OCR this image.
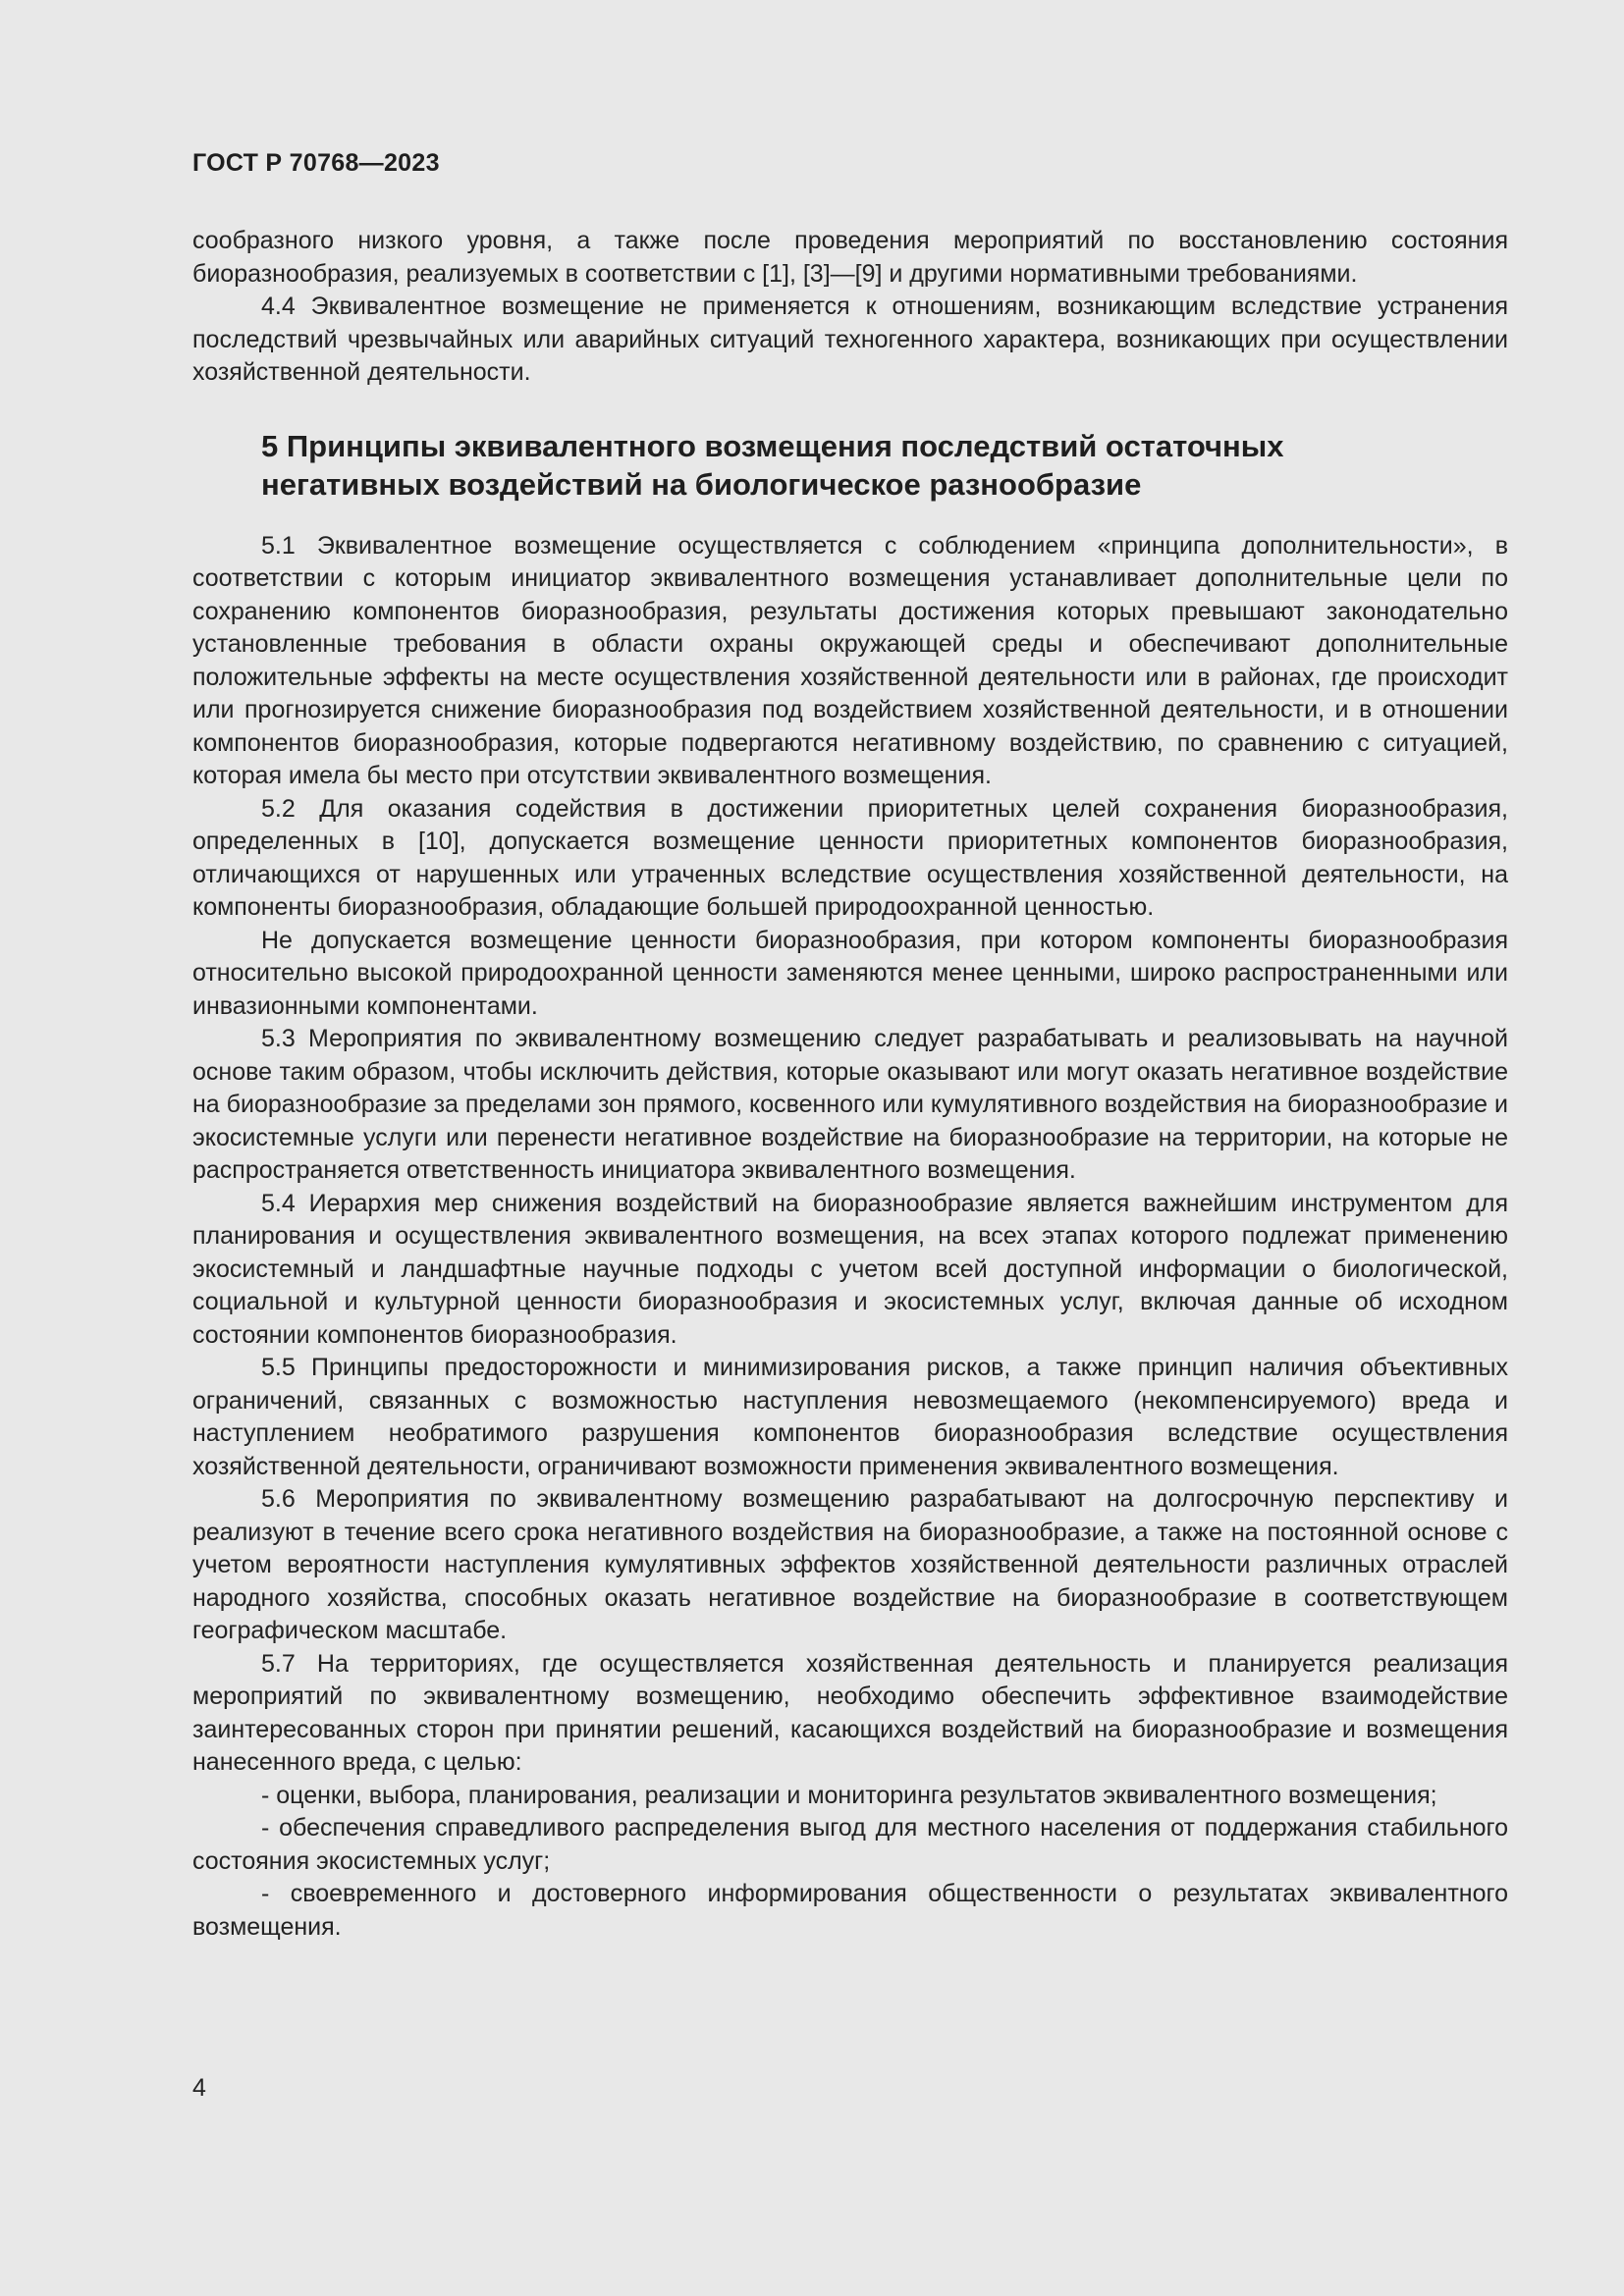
ГОСТ Р 70768—2023

сообразного низкого уровня, а также после проведения мероприятий по восстановлению состояния биоразнообразия, реализуемых в соответствии с [1], [3]—[9] и другими нормативными требованиями.

4.4 Эквивалентное возмещение не применяется к отношениям, возникающим вследствие устранения последствий чрезвычайных или аварийных ситуаций техногенного характера, возникающих при осуществлении хозяйственной деятельности.

5 Принципы эквивалентного возмещения последствий остаточных
негативных воздействий на биологическое разнообразие

5.1 Эквивалентное возмещение осуществляется с соблюдением «принципа дополнительности», в соответствии с которым инициатор эквивалентного возмещения устанавливает дополнительные цели по сохранению компонентов биоразнообразия, результаты достижения которых превышают законодательно установленные требования в области охраны окружающей среды и обеспечивают дополнительные положительные эффекты на месте осуществления хозяйственной деятельности или в районах, где происходит или прогнозируется снижение биоразнообразия под воздействием хозяйственной деятельности, и в отношении компонентов биоразнообразия, которые подвергаются негативному воздействию, по сравнению с ситуацией, которая имела бы место при отсутствии эквивалентного возмещения.

5.2 Для оказания содействия в достижении приоритетных целей сохранения биоразнообразия, определенных в [10], допускается возмещение ценности приоритетных компонентов биоразнообразия, отличающихся от нарушенных или утраченных вследствие осуществления хозяйственной деятельности, на компоненты биоразнообразия, обладающие большей природоохранной ценностью.

Не допускается возмещение ценности биоразнообразия, при котором компоненты биоразнообразия относительно высокой природоохранной ценности заменяются менее ценными, широко распространенными или инвазионными компонентами.

5.3 Мероприятия по эквивалентному возмещению следует разрабатывать и реализовывать на научной основе таким образом, чтобы исключить действия, которые оказывают или могут оказать негативное воздействие на биоразнообразие за пределами зон прямого, косвенного или кумулятивного воздействия на биоразнообразие и экосистемные услуги или перенести негативное воздействие на биоразнообразие на территории, на которые не распространяется ответственность инициатора эквивалентного возмещения.

5.4 Иерархия мер снижения воздействий на биоразнообразие является важнейшим инструментом для планирования и осуществления эквивалентного возмещения, на всех этапах которого подлежат применению экосистемный и ландшафтные научные подходы с учетом всей доступной информации о биологической, социальной и культурной ценности биоразнообразия и экосистемных услуг, включая данные об исходном состоянии компонентов биоразнообразия.

5.5 Принципы предосторожности и минимизирования рисков, а также принцип наличия объективных ограничений, связанных с возможностью наступления невозмещаемого (некомпенсируемого) вреда и наступлением необратимого разрушения компонентов биоразнообразия вследствие осуществления хозяйственной деятельности, ограничивают возможности применения эквивалентного возмещения.

5.6 Мероприятия по эквивалентному возмещению разрабатывают на долгосрочную перспективу и реализуют в течение всего срока негативного воздействия на биоразнообразие, а также на постоянной основе с учетом вероятности наступления кумулятивных эффектов хозяйственной деятельности различных отраслей народного хозяйства, способных оказать негативное воздействие на биоразнообразие в соответствующем географическом масштабе.

5.7 На территориях, где осуществляется хозяйственная деятельность и планируется реализация мероприятий по эквивалентному возмещению, необходимо обеспечить эффективное взаимодействие заинтересованных сторон при принятии решений, касающихся воздействий на биоразнообразие и возмещения нанесенного вреда, с целью:

- оценки, выбора, планирования, реализации и мониторинга результатов эквивалентного возмещения;

- обеспечения справедливого распределения выгод для местного населения от поддержания стабильного состояния экосистемных услуг;

- своевременного и достоверного информирования общественности о результатах эквивалентного возмещения.

4
